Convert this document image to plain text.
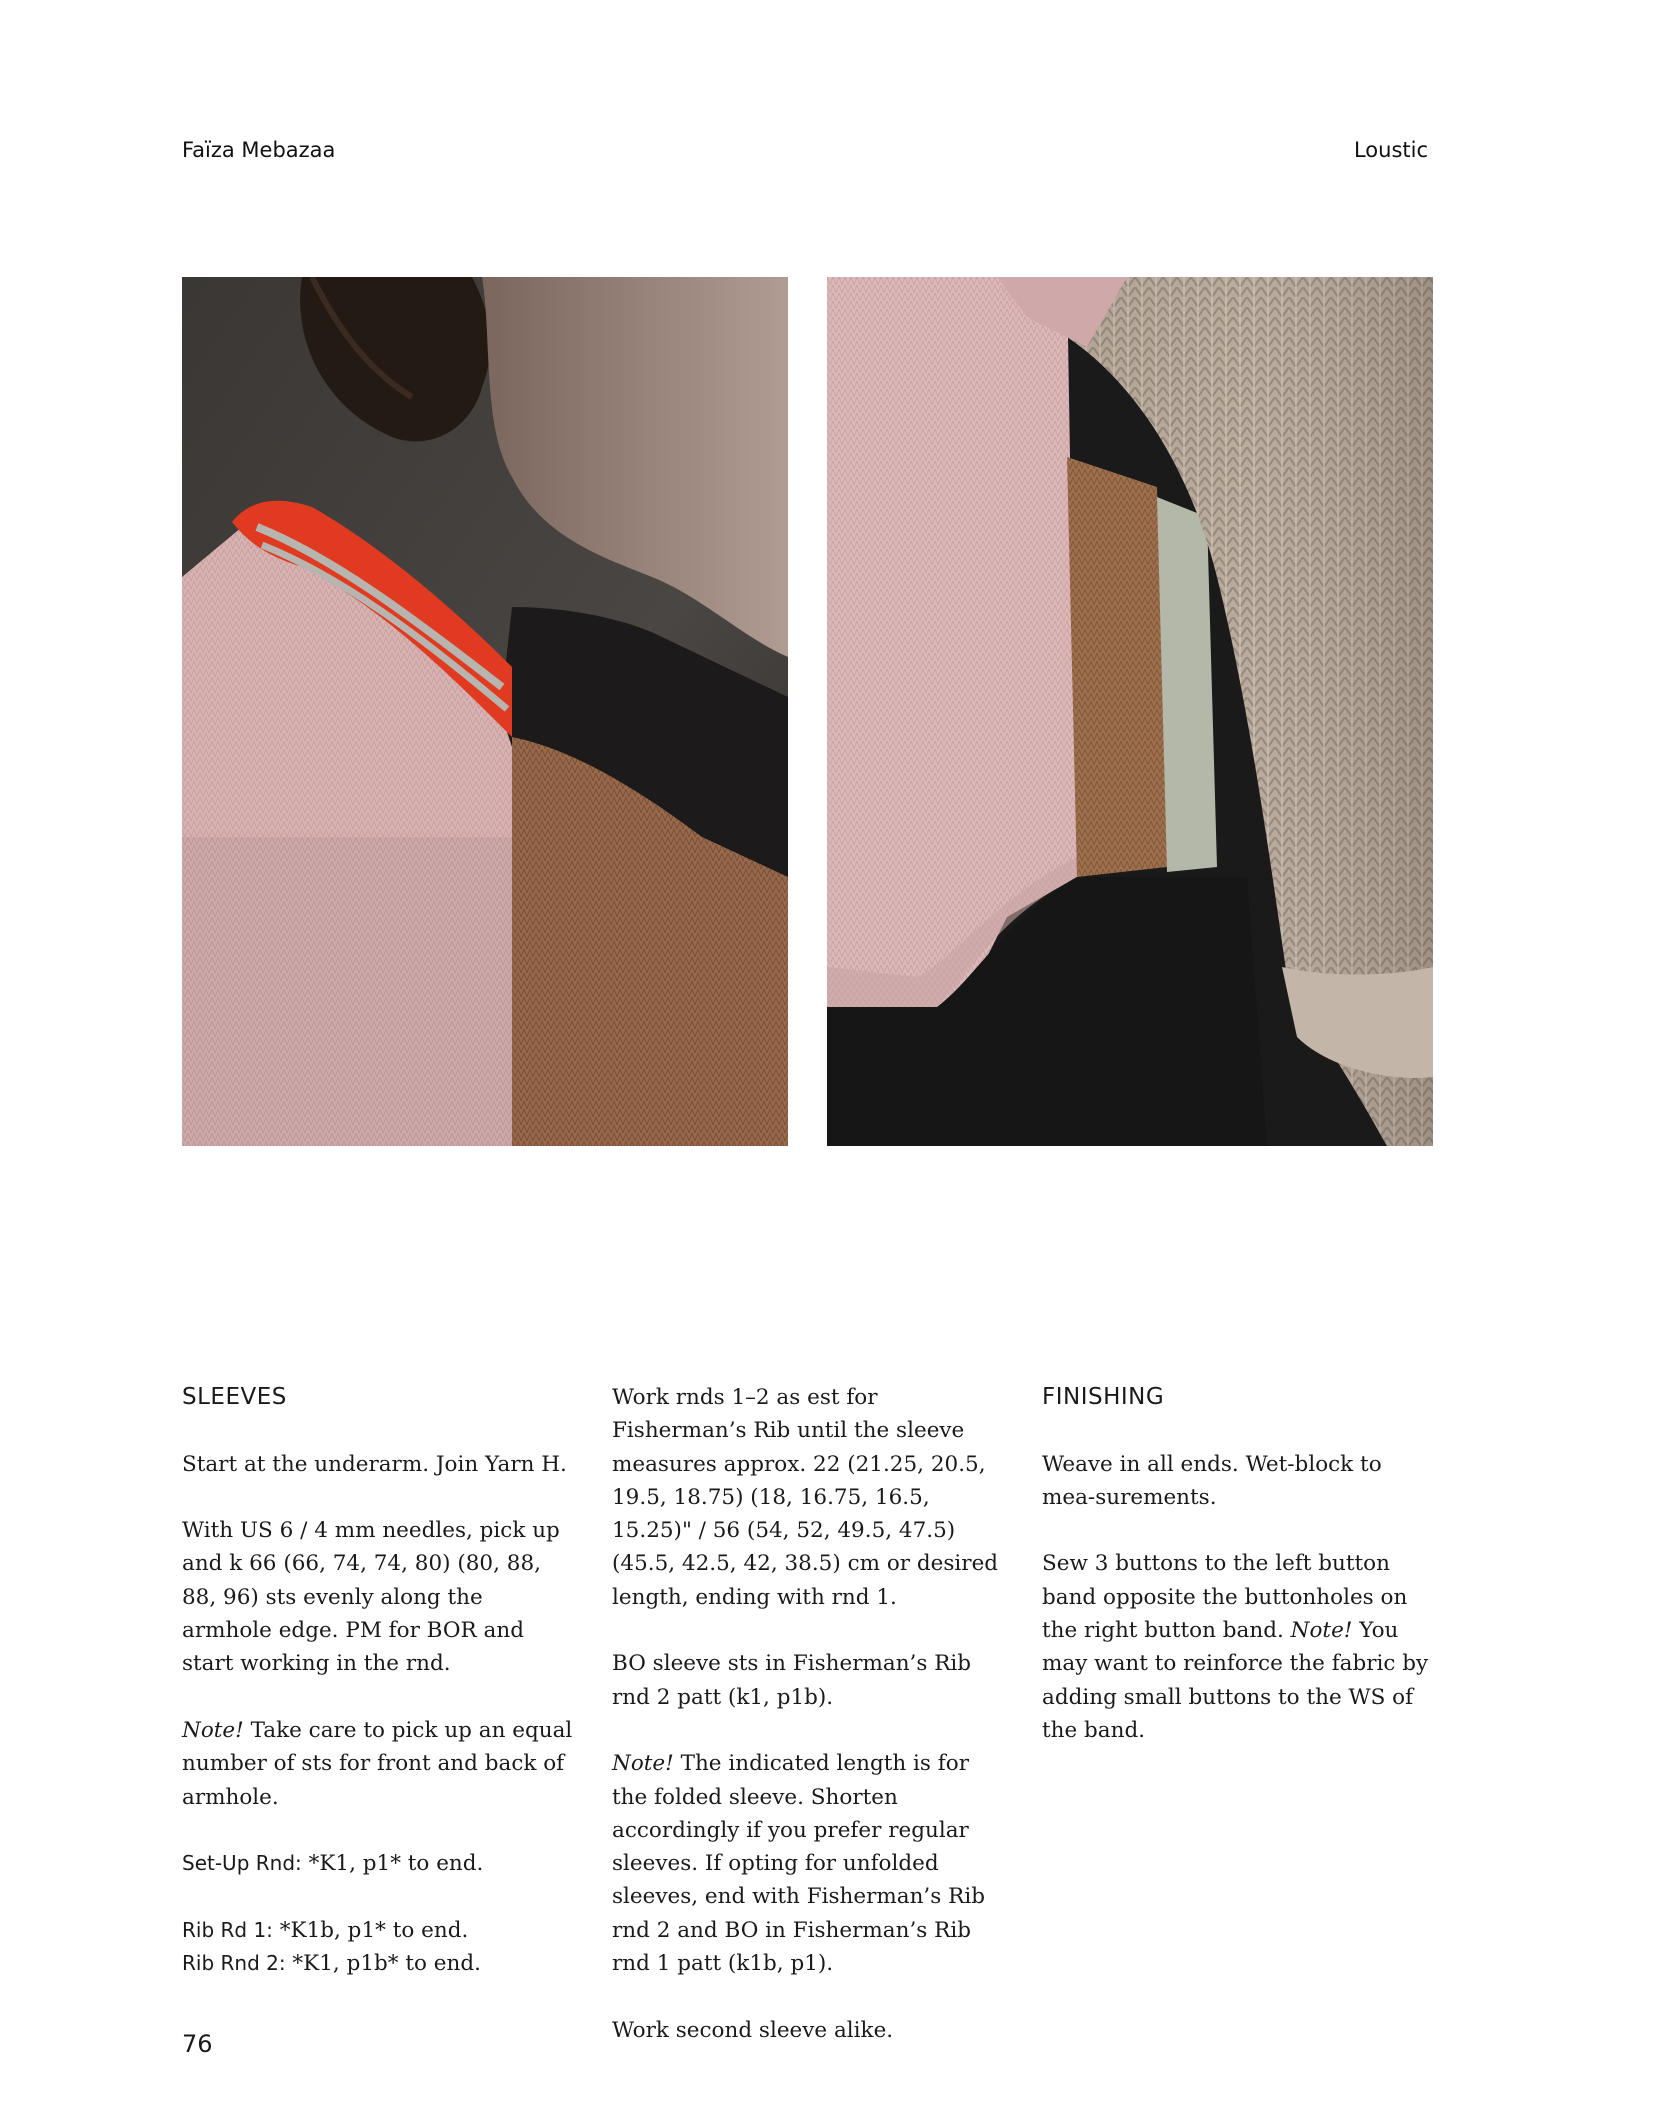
Faïza Mebazaa	Loustic
SLEEVES

Start at the underarm. Join Yarn H.

With US 6 / 4 mm needles, pick up and k 66 (66, 74, 74, 80) (80, 88, 88, 96) sts evenly along the armhole edge. PM for BOR and start working in the rnd.

Note! Take care to pick up an equal number of sts for front and back of armhole.

Set-Up Rnd: *K1, p1* to end.

Rib Rd 1: *K1b, p1* to end.

Rib Rnd 2: *K1, p1b* to end.

Work rnds 1–2 as est for Fisherman’s Rib until the sleeve measures approx. 22 (21.25, 20.5, 19.5, 18.75) (18, 16.75, 16.5, 15.25)" / 56 (54, 52, 49.5, 47.5) (45.5, 42.5, 42, 38.5) cm or desired length, ending with rnd 1.

BO sleeve sts in Fisherman’s Rib rnd 2 patt (k1, p1b).

Note! The indicated length is for the folded sleeve. Shorten accordingly if you prefer regular sleeves. If opting for unfolded sleeves, end with Fisherman’s Rib rnd 2 and BO in Fisherman’s Rib rnd 1 patt (k1b, p1).

Work second sleeve alike.

FINISHING

Weave in all ends. Wet-block to mea-surements.

Sew 3 buttons to the left button band opposite the buttonholes on the right button band. Note! You may want to reinforce the fabric by adding small buttons to the WS of the band.

76
